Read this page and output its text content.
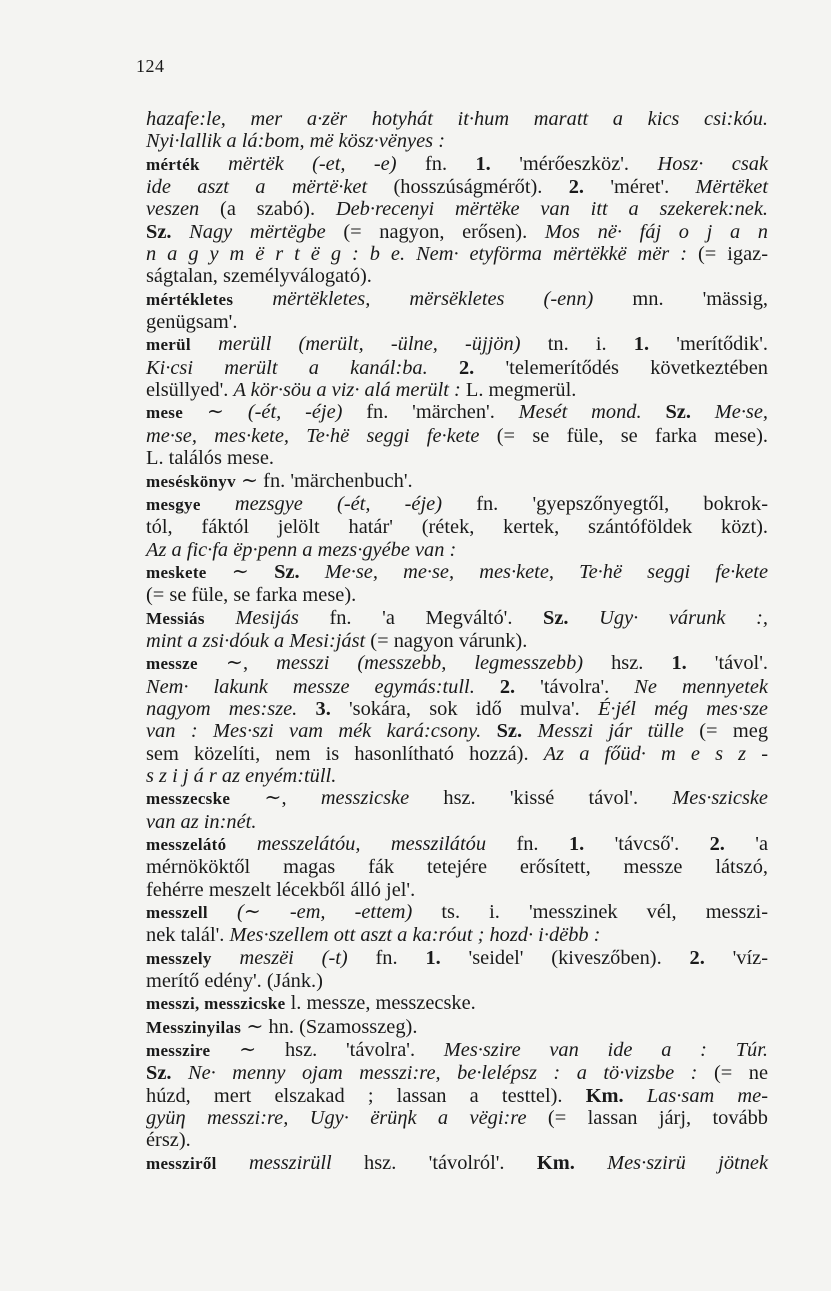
124
hazafe:le, mer a·zër hotyhát it·hum maratt a kics csi:kóu.
Nyi·lallik a lá:bom, më kösz·vënyes :
mérték mërtëk (-et, -e) fn. 1. 'mérőeszköz'. Hosz· csak
ide aszt a mërtë·ket (hosszúságmérőt). 2. 'méret'. Mërtëket
veszen (a szabó). Deb·recenyi mërtëke van itt a szekerek:nek.
Sz. Nagy mërtëgbe (= nagyon, erősen). Mos në· fáj o j a n
n a g y m ë r t ë g : b e. Nem· etyförma mërtëkkë mër : (= igaz-
ságtalan, személyválogató).
mértékletes mërtëkletes, mërsëkletes (-enn) mn. 'mässig,
genügsam'.
merül merüll (merült, -ülne, -üjjön) tn. i. 1. 'merítődik'.
Ki·csi merült a kanál:ba. 2. 'telemerítődés következtében
elsüllyed'. A kör·söu a viz· alá merült : L. megmerül.
mese ∼ (-ét, -éje) fn. 'märchen'. Mesét mond. Sz. Me·se,
me·se, mes·kete, Te·hë seggi fe·kete (= se füle, se farka mese).
L. találós mese.
meséskönyv ∼ fn. 'märchenbuch'.
mesgye mezsgye (-ét, -éje) fn. 'gyepszőnyegtől, bokrok-
tól, fáktól jelölt határ' (rétek, kertek, szántóföldek közt).
Az a fic·fa ëp·penn a mezs·gyébe van :
meskete ∼ Sz. Me·se, me·se, mes·kete, Te·hë seggi fe·kete
(= se füle, se farka mese).
Messiás Mesijás fn. 'a Megváltó'. Sz. Ugy· várunk :,
mint a zsi·dóuk a Mesi:jást (= nagyon várunk).
messze ∼, messzi (messzebb, legmesszebb) hsz. 1. 'távol'.
Nem· lakunk messze egymás:tull. 2. 'távolra'. Ne mennyetek
nagyom mes:sze. 3. 'sokára, sok idő mulva'. É·jél még mes·sze
van : Mes·szi vam mék kará:csony. Sz. Messzi jár tülle (= meg
sem közelíti, nem is hasonlítható hozzá). Az a főüd· m e s z -
s z i j á r az enyém:tüll.
messzecske ∼, messzicske hsz. 'kissé távol'. Mes·szicske
van az in:nét.
messzelátó messzelátóu, messzilátóu fn. 1. 'távcső'. 2. 'a
mérnököktől magas fák tetejére erősített, messze látszó,
fehérre meszelt lécekből álló jel'.
messzell (∼ -em, -ettem) ts. i. 'messzinek vél, messzi-
nek talál'. Mes·szellem ott aszt a ka:róut ; hozd· i·dëbb :
messzely meszëi (-t) fn. 1. 'seidel' (kiveszőben). 2. 'víz-
merítő edény'. (Jánk.)
messzi, messzicske l. messze, messzecske.
Messzinyilas ∼ hn. (Szamosszeg).
messzire ∼ hsz. 'távolra'. Mes·szire van ide a : Túr.
Sz. Ne· menny ojam messzi:re, be·lelépsz : a tö·vizsbe : (= ne
húzd, mert elszakad ; lassan a testtel). Km. Las·sam me-
gyüη messzi:re, Ugy· ërüηk a vëgi:re (= lassan járj, tovább
érsz).
messziről messzirüll hsz. 'távolról'. Km. Mes·szirü jötnek
